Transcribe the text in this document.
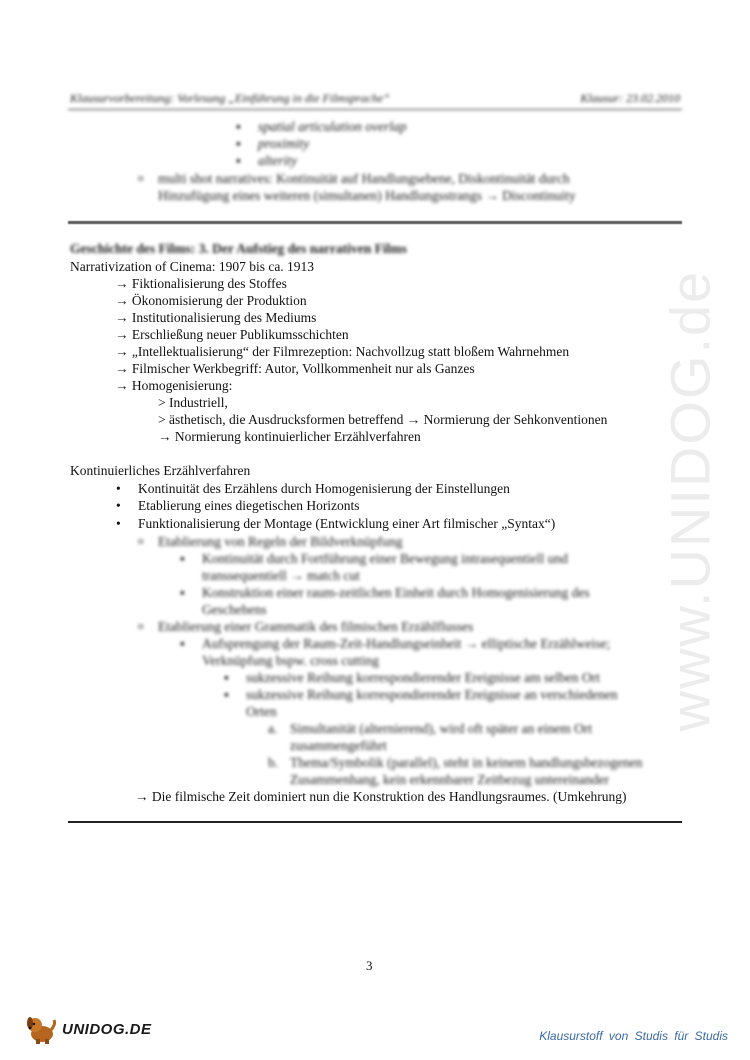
www.UNIDOG.de
Klausurvorbereitung: Vorlesung „Einführung in die Filmsprache“	Klausur: 23.02.2010
▪ spatial articulation overlap
▪ proximity
▪ alterity
o multi shot narratives: Kontinuität auf Handlungsebene, Diskontinuität durch
Hinzufügung eines weiteren (simultanen) Handlungsstrangs → Discontinuity
Geschichte des Films: 3. Der Aufstieg des narrativen Films
Narrativization of Cinema: 1907 bis ca. 1913
→ Fiktionalisierung des Stoffes
→ Ökonomisierung der Produktion
→ Institutionalisierung des Mediums
→ Erschließung neuer Publikumsschichten
→ „Intellektualisierung“ der Filmrezeption: Nachvollzug statt bloßem Wahrnehmen
→ Filmischer Werkbegriff: Autor, Vollkommenheit nur als Ganzes
→ Homogenisierung:
> Industriell,
> ästhetisch, die Ausdrucksformen betreffend → Normierung der Sehkonventionen
→ Normierung kontinuierlicher Erzählverfahren
Kontinuierliches Erzählverfahren
• Kontinuität des Erzählens durch Homogenisierung der Einstellungen
• Etablierung eines diegetischen Horizonts
• Funktionalisierung der Montage (Entwicklung einer Art filmischer „Syntax“)
o Etablierung von Regeln der Bildverknüpfung
▪ Kontinuität durch Fortführung einer Bewegung intrasequentiell und
transsequentiell → match cut
▪ Konstruktion einer raum-zeitlichen Einheit durch Homogenisierung des
Geschehens
o Etablierung einer Grammatik des filmischen Erzählflusses
▪ Aufsprengung der Raum-Zeit-Handlungseinheit → elliptische Erzählweise;
Verknüpfung bspw. cross cutting
▪ sukzessive Reihung korrespondierender Ereignisse am selben Ort
▪ sukzessive Reihung korrespondierender Ereignisse an verschiedenen
Orten
a. Simultanität (alternierend), wird oft später an einem Ort
zusammengeführt
b. Thema/Symbolik (parallel), steht in keinem handlungsbezogenen
Zusammenhang, kein erkennbarer Zeitbezug untereinander
→ Die filmische Zeit dominiert nun die Konstruktion des Handlungsraumes. (Umkehrung)
3
UNIDOG.DE	Klausurstoff von Studis für Studis
